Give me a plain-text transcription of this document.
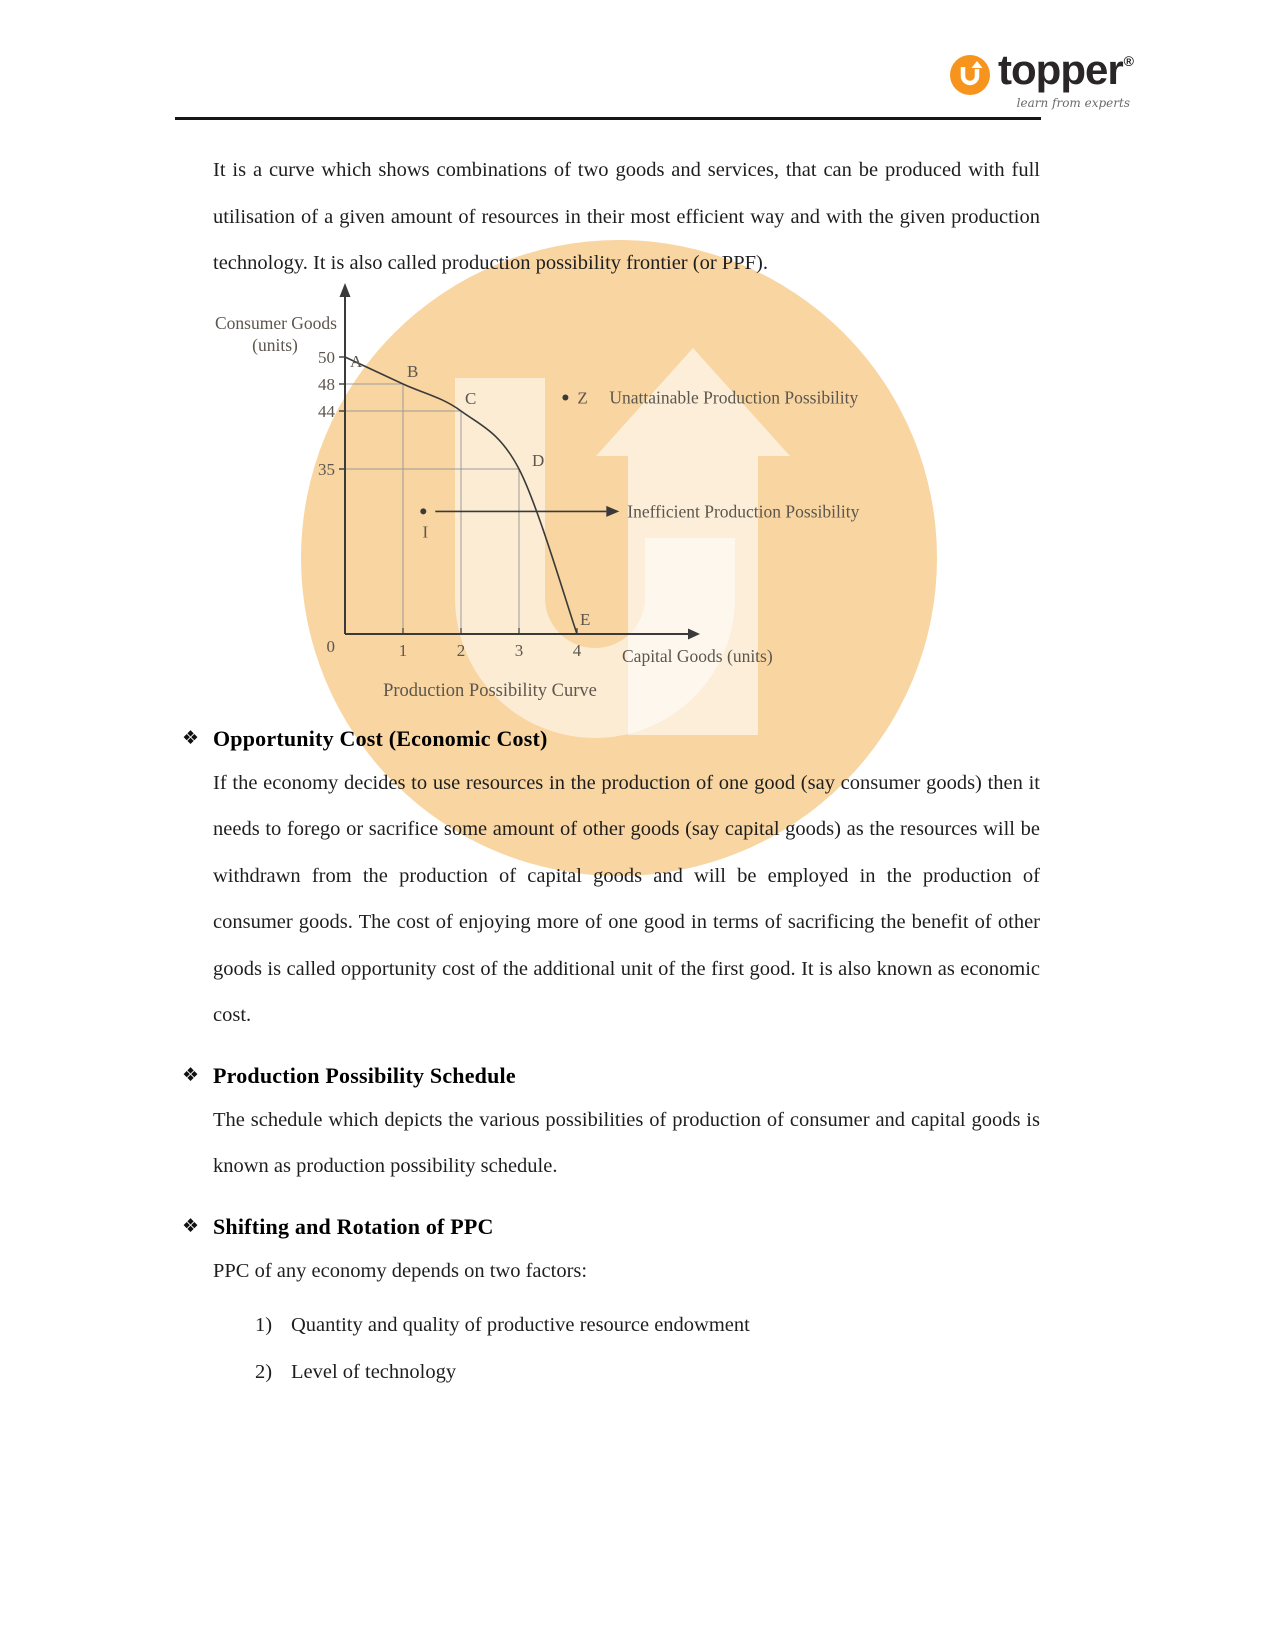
topper®
learn from experts

It is a curve which shows combinations of two goods and services, that can be produced with full utilisation of a given amount of resources in their most efficient way and with the given production technology. It is also called production possibility frontier (or PPF).

50
48
44
35
1	2	3	4
0
A
B
C
D
E
Z Unattainable Production Possibility
I
Inefficient Production Possibility
Consumer Goods
(units)
Capital Goods (units)
Production Possibility Curve
❖ Opportunity Cost (Economic Cost)

If the economy decides to use resources in the production of one good (say consumer goods) then it needs to forego or sacrifice some amount of other goods (say capital goods) as the resources will be withdrawn from the production of capital goods and will be employed in the production of consumer goods. The cost of enjoying more of one good in terms of sacrificing the benefit of other goods is called opportunity cost of the additional unit of the first good. It is also known as economic cost.

❖ Production Possibility Schedule

The schedule which depicts the various possibilities of production of consumer and capital goods is known as production possibility schedule.

❖ Shifting and Rotation of PPC

PPC of any economy depends on two factors:

1) Quantity and quality of productive resource endowment
2) Level of technology
